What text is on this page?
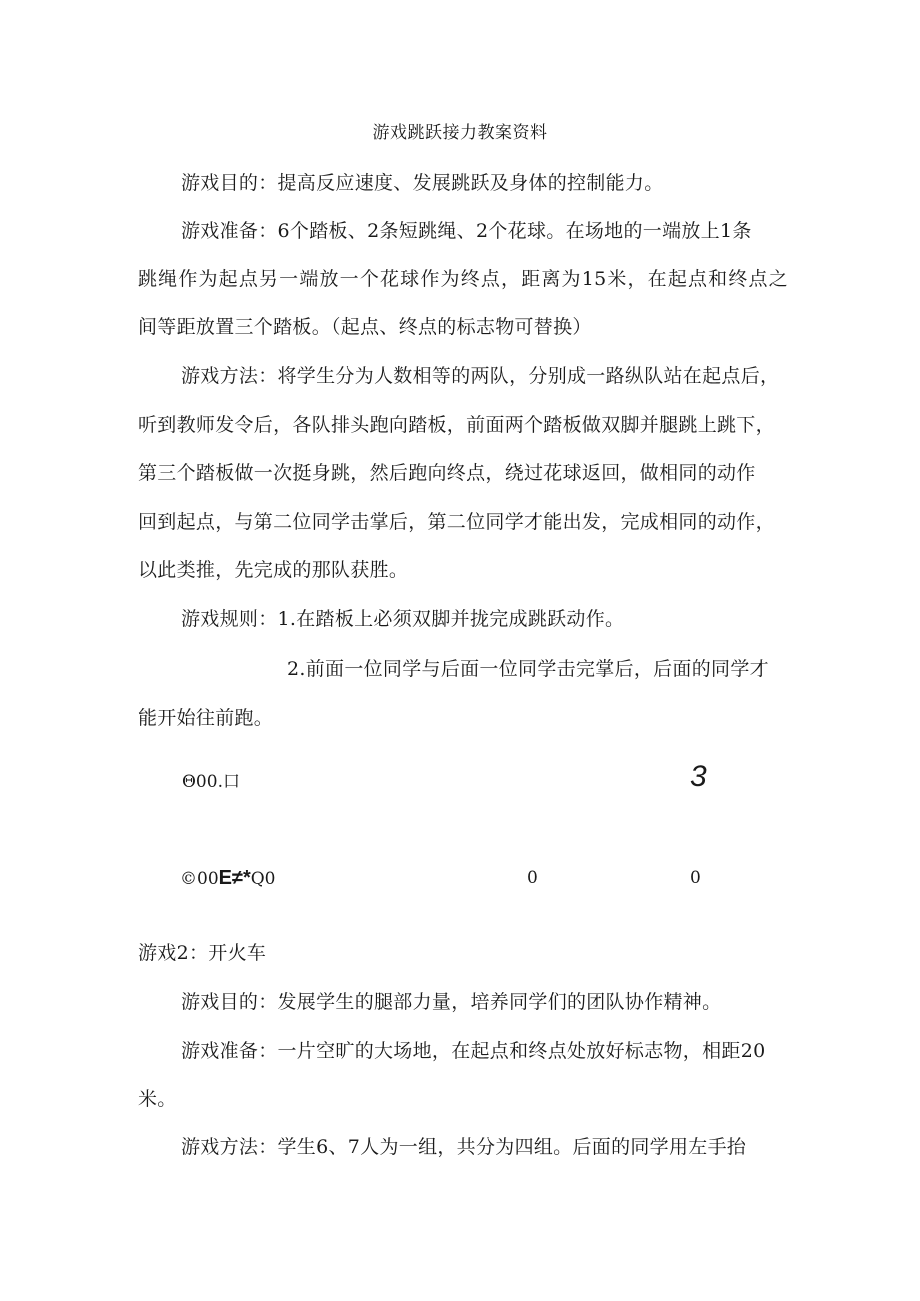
游戏跳跃接力教案资料
游戏目的：提高反应速度、发展跳跃及身体的控制能力。
游戏准备：6个踏板、2条短跳绳、2个花球。在场地的一端放上1条
跳绳作为起点另一端放一个花球作为终点，距离为15米，在起点和终点之
间等距放置三个踏板。（起点、终点的标志物可替换）
游戏方法：将学生分为人数相等的两队，分别成一路纵队站在起点后，
听到教师发令后，各队排头跑向踏板，前面两个踏板做双脚并腿跳上跳下，
第三个踏板做一次挺身跳，然后跑向终点，绕过花球返回，做相同的动作
回到起点，与第二位同学击掌后，第二位同学才能出发，完成相同的动作，
以此类推，先完成的那队获胜。
游戏规则：1.在踏板上必须双脚并拢完成跳跃动作。
2.前面一位同学与后面一位同学击完掌后，后面的同学才
能开始往前跑。
Θ00.口	3
©00E≠*Q0	0	0
游戏2：开火车
游戏目的：发展学生的腿部力量，培养同学们的团队协作精神。
游戏准备：一片空旷的大场地，在起点和终点处放好标志物，相距20
米。
游戏方法：学生6、7人为一组，共分为四组。后面的同学用左手抬
